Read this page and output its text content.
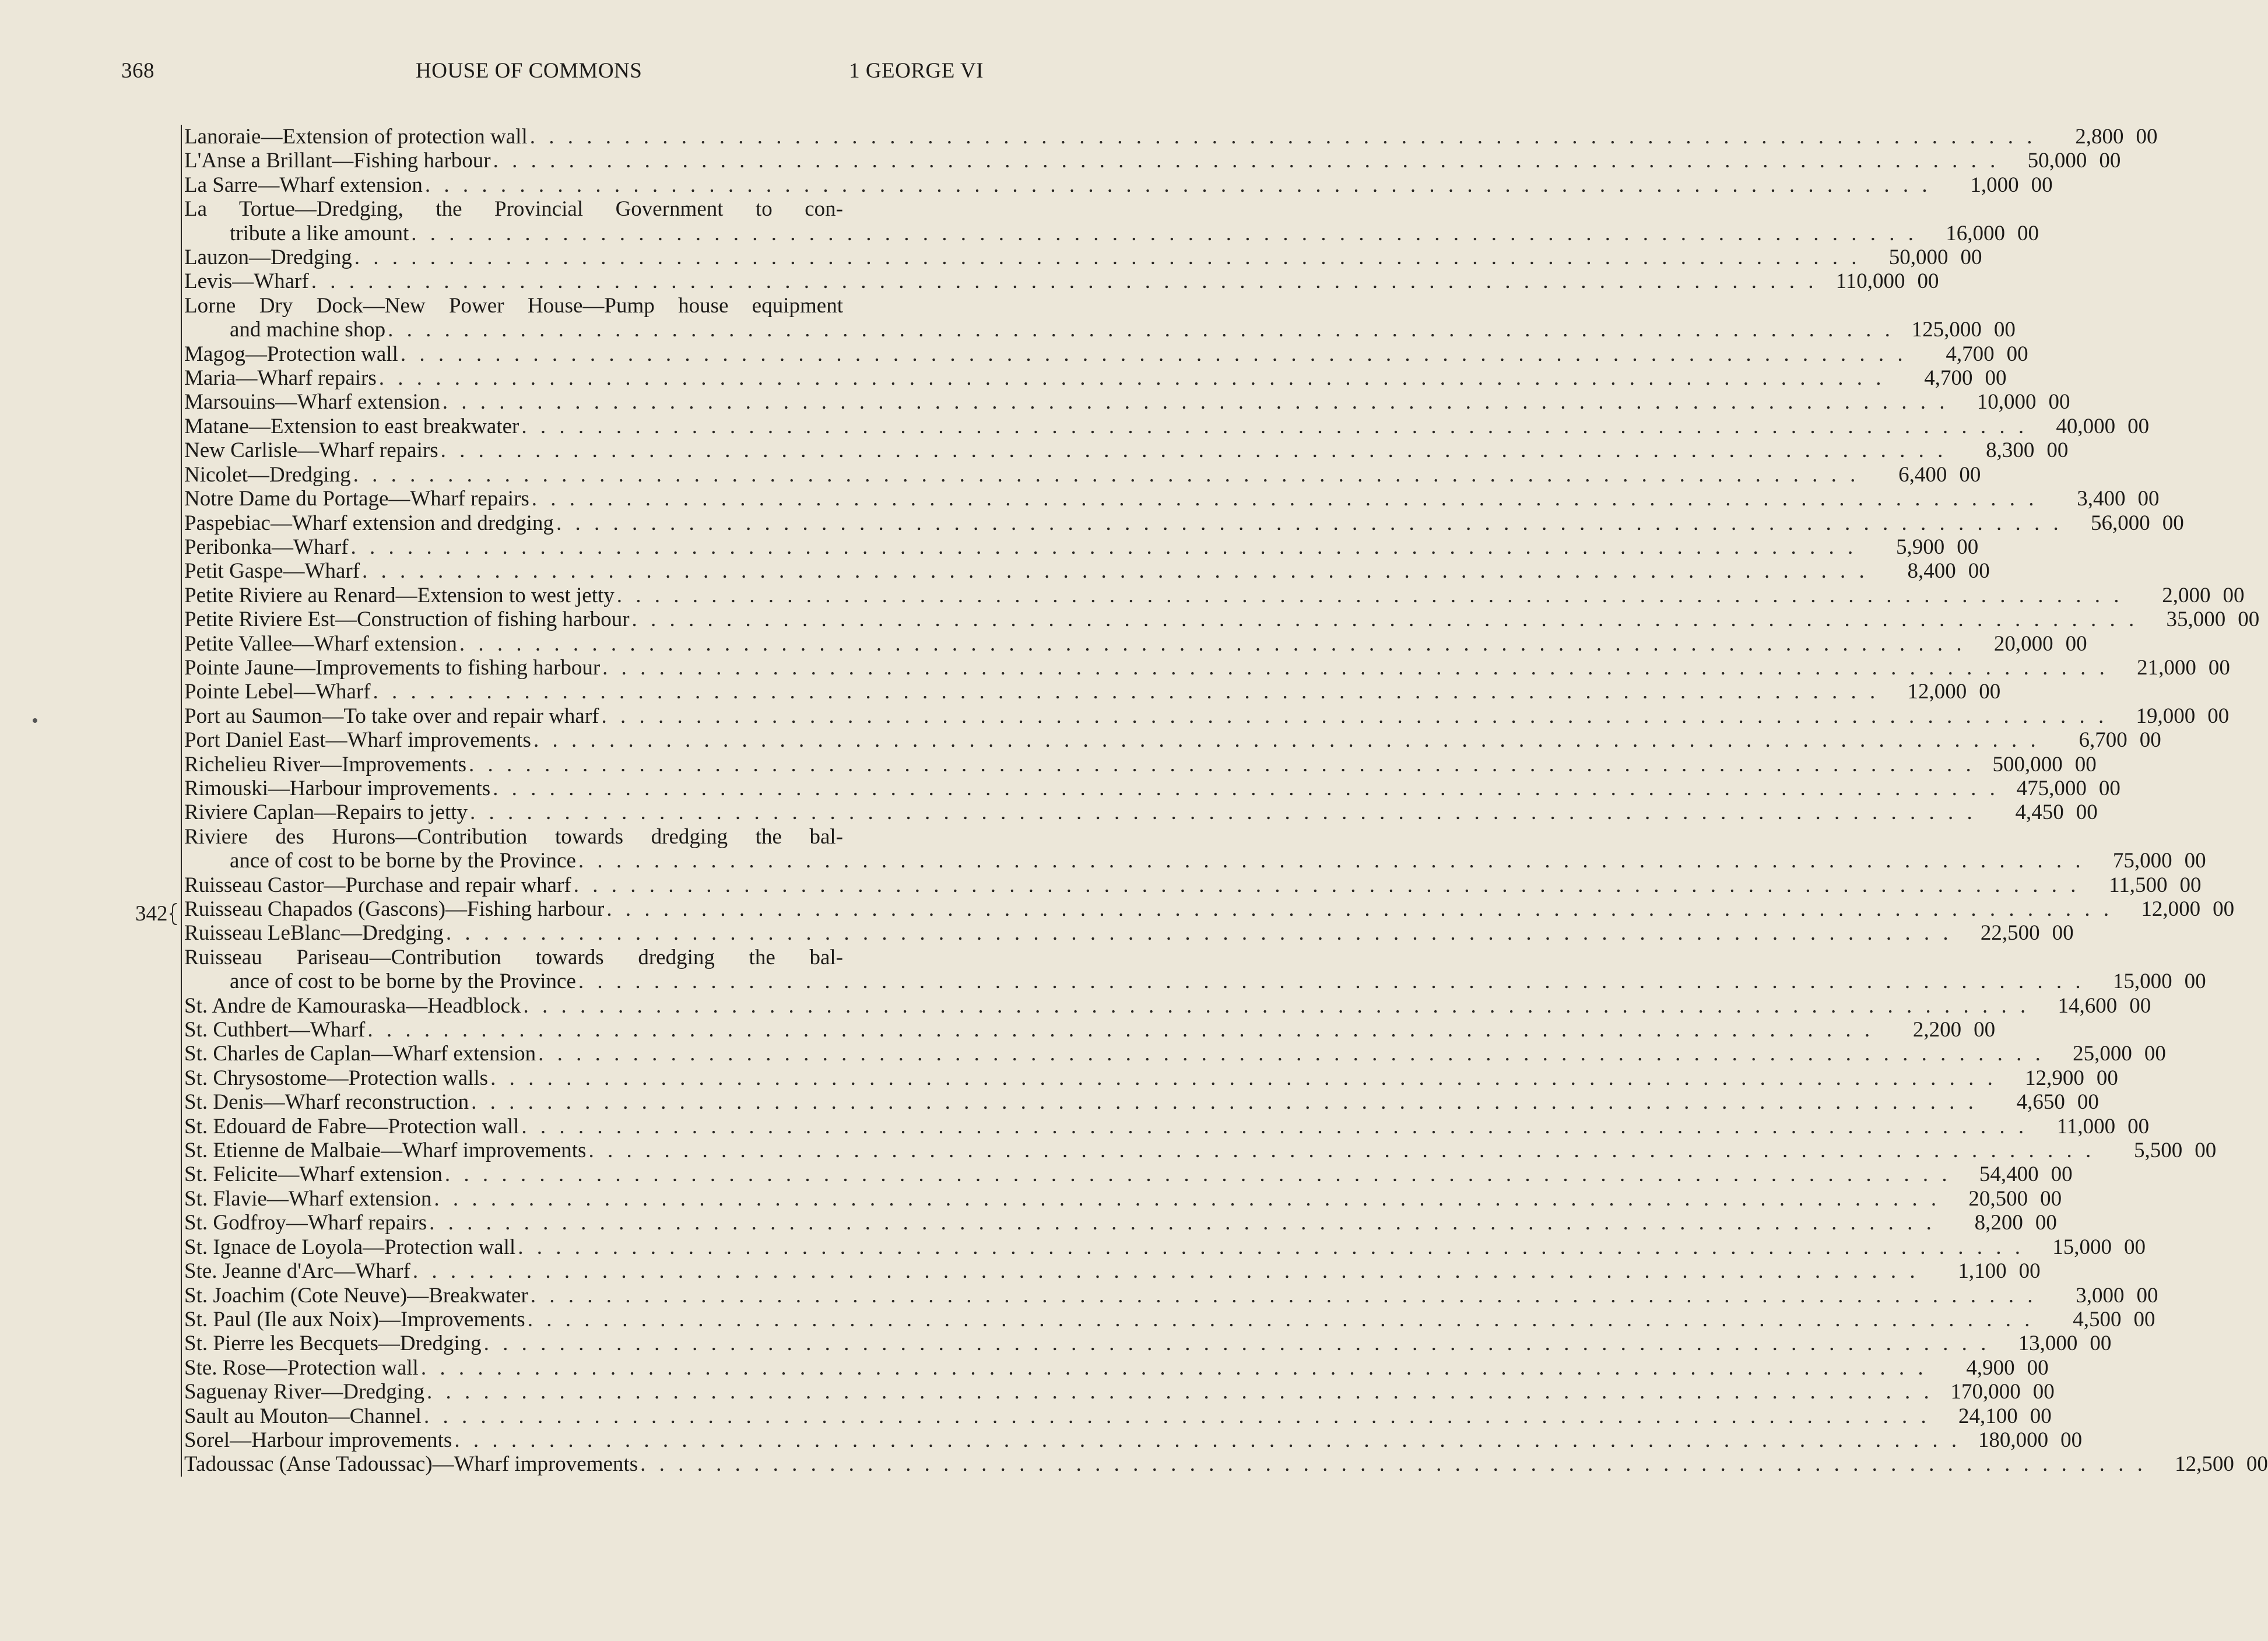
368	HOUSE OF COMMONS	1 GEORGE VI
342
Lanoraie—Extension of protection wall . . . . . . . . . . . . . . . . . . . . . . . . . . . . . . . . . . . . . . . . . . . . . . . . . . . . . . . . . . . . . . . . . . . . . . . . . . . . . . . .	2,800 00
L'Anse a Brillant—Fishing harbour . . . . . . . . . . . . . . . . . . . . . . . . . . . . . . . . . . . . . . . . . . . . . . . . . . . . . . . . . . . . . . . . . . . . . . . . . . . . . . . .	50,000 00
La Sarre—Wharf extension . . . . . . . . . . . . . . . . . . . . . . . . . . . . . . . . . . . . . . . . . . . . . . . . . . . . . . . . . . . . . . . . . . . . . . . . . . . . . . . .	1,000 00
La Tortue—Dredging, the Provincial Government to con-
tribute a like amount . . . . . . . . . . . . . . . . . . . . . . . . . . . . . . . . . . . . . . . . . . . . . . . . . . . . . . . . . . . . . . . . . . . . . . . . . . . . . . . .	16,000 00
Lauzon—Dredging . . . . . . . . . . . . . . . . . . . . . . . . . . . . . . . . . . . . . . . . . . . . . . . . . . . . . . . . . . . . . . . . . . . . . . . . . . . . . . . .	50,000 00
Levis—Wharf . . . . . . . . . . . . . . . . . . . . . . . . . . . . . . . . . . . . . . . . . . . . . . . . . . . . . . . . . . . . . . . . . . . . . . . . . . . . . . . . 110,000 00
Lorne Dry Dock—New Power House—Pump house equipment
and machine shop . . . . . . . . . . . . . . . . . . . . . . . . . . . . . . . . . . . . . . . . . . . . . . . . . . . . . . . . . . . . . . . . . . . . . . . . . . . . . . . . 125,000 00
Magog—Protection wall . . . . . . . . . . . . . . . . . . . . . . . . . . . . . . . . . . . . . . . . . . . . . . . . . . . . . . . . . . . . . . . . . . . . . . . . . . . . . . . .	4,700 00
Maria—Wharf repairs . . . . . . . . . . . . . . . . . . . . . . . . . . . . . . . . . . . . . . . . . . . . . . . . . . . . . . . . . . . . . . . . . . . . . . . . . . . . . . . .	4,700 00
Marsouins—Wharf extension . . . . . . . . . . . . . . . . . . . . . . . . . . . . . . . . . . . . . . . . . . . . . . . . . . . . . . . . . . . . . . . . . . . . . . . . . . . . . . . .	10,000 00
Matane—Extension to east breakwater . . . . . . . . . . . . . . . . . . . . . . . . . . . . . . . . . . . . . . . . . . . . . . . . . . . . . . . . . . . . . . . . . . . . . . . . . . . . . . . .	40,000 00
New Carlisle—Wharf repairs . . . . . . . . . . . . . . . . . . . . . . . . . . . . . . . . . . . . . . . . . . . . . . . . . . . . . . . . . . . . . . . . . . . . . . . . . . . . . . . .	8,300 00
Nicolet—Dredging . . . . . . . . . . . . . . . . . . . . . . . . . . . . . . . . . . . . . . . . . . . . . . . . . . . . . . . . . . . . . . . . . . . . . . . . . . . . . . . .	6,400 00
Notre Dame du Portage—Wharf repairs . . . . . . . . . . . . . . . . . . . . . . . . . . . . . . . . . . . . . . . . . . . . . . . . . . . . . . . . . . . . . . . . . . . . . . . . . . . . . . . .	3,400 00
Paspebiac—Wharf extension and dredging . . . . . . . . . . . . . . . . . . . . . . . . . . . . . . . . . . . . . . . . . . . . . . . . . . . . . . . . . . . . . . . . . . . . . . . . . . . . . . . .	56,000 00
Peribonka—Wharf . . . . . . . . . . . . . . . . . . . . . . . . . . . . . . . . . . . . . . . . . . . . . . . . . . . . . . . . . . . . . . . . . . . . . . . . . . . . . . . .	5,900 00
Petit Gaspe—Wharf . . . . . . . . . . . . . . . . . . . . . . . . . . . . . . . . . . . . . . . . . . . . . . . . . . . . . . . . . . . . . . . . . . . . . . . . . . . . . . . .	8,400 00
Petite Riviere au Renard—Extension to west jetty . . . . . . . . . . . . . . . . . . . . . . . . . . . . . . . . . . . . . . . . . . . . . . . . . . . . . . . . . . . . . . . . . . . . . . . . . . . . . . . .	2,000 00
Petite Riviere Est—Construction of fishing harbour . . . . . . . . . . . . . . . . . . . . . . . . . . . . . . . . . . . . . . . . . . . . . . . . . . . . . . . . . . . . . . . . . . . . . . . . . . . . . . . .	35,000 00
Petite Vallee—Wharf extension . . . . . . . . . . . . . . . . . . . . . . . . . . . . . . . . . . . . . . . . . . . . . . . . . . . . . . . . . . . . . . . . . . . . . . . . . . . . . . . .	20,000 00
Pointe Jaune—Improvements to fishing harbour . . . . . . . . . . . . . . . . . . . . . . . . . . . . . . . . . . . . . . . . . . . . . . . . . . . . . . . . . . . . . . . . . . . . . . . . . . . . . . . .	21,000 00
Pointe Lebel—Wharf . . . . . . . . . . . . . . . . . . . . . . . . . . . . . . . . . . . . . . . . . . . . . . . . . . . . . . . . . . . . . . . . . . . . . . . . . . . . . . . .	12,000 00
Port au Saumon—To take over and repair wharf . . . . . . . . . . . . . . . . . . . . . . . . . . . . . . . . . . . . . . . . . . . . . . . . . . . . . . . . . . . . . . . . . . . . . . . . . . . . . . . .	19,000 00
Port Daniel East—Wharf improvements . . . . . . . . . . . . . . . . . . . . . . . . . . . . . . . . . . . . . . . . . . . . . . . . . . . . . . . . . . . . . . . . . . . . . . . . . . . . . . . .	6,700 00
Richelieu River—Improvements . . . . . . . . . . . . . . . . . . . . . . . . . . . . . . . . . . . . . . . . . . . . . . . . . . . . . . . . . . . . . . . . . . . . . . . . . . . . . . . . 500,000 00
Rimouski—Harbour improvements . . . . . . . . . . . . . . . . . . . . . . . . . . . . . . . . . . . . . . . . . . . . . . . . . . . . . . . . . . . . . . . . . . . . . . . . . . . . . . . . 475,000 00
Riviere Caplan—Repairs to jetty . . . . . . . . . . . . . . . . . . . . . . . . . . . . . . . . . . . . . . . . . . . . . . . . . . . . . . . . . . . . . . . . . . . . . . . . . . . . . . . .	4,450 00
Riviere des Hurons—Contribution towards dredging the bal-
ance of cost to be borne by the Province . . . . . . . . . . . . . . . . . . . . . . . . . . . . . . . . . . . . . . . . . . . . . . . . . . . . . . . . . . . . . . . . . . . . . . . . . . . . . . . .	75,000 00
Ruisseau Castor—Purchase and repair wharf . . . . . . . . . . . . . . . . . . . . . . . . . . . . . . . . . . . . . . . . . . . . . . . . . . . . . . . . . . . . . . . . . . . . . . . . . . . . . . . .	11,500 00
Ruisseau Chapados (Gascons)—Fishing harbour . . . . . . . . . . . . . . . . . . . . . . . . . . . . . . . . . . . . . . . . . . . . . . . . . . . . . . . . . . . . . . . . . . . . . . . . . . . . . . . .	12,000 00
Ruisseau LeBlanc—Dredging . . . . . . . . . . . . . . . . . . . . . . . . . . . . . . . . . . . . . . . . . . . . . . . . . . . . . . . . . . . . . . . . . . . . . . . . . . . . . . . .	22,500 00
Ruisseau Pariseau—Contribution towards dredging the bal-
ance of cost to be borne by the Province . . . . . . . . . . . . . . . . . . . . . . . . . . . . . . . . . . . . . . . . . . . . . . . . . . . . . . . . . . . . . . . . . . . . . . . . . . . . . . . .	15,000 00
St. Andre de Kamouraska—Headblock . . . . . . . . . . . . . . . . . . . . . . . . . . . . . . . . . . . . . . . . . . . . . . . . . . . . . . . . . . . . . . . . . . . . . . . . . . . . . . . .	14,600 00
St. Cuthbert—Wharf . . . . . . . . . . . . . . . . . . . . . . . . . . . . . . . . . . . . . . . . . . . . . . . . . . . . . . . . . . . . . . . . . . . . . . . . . . . . . . . .	2,200 00
St. Charles de Caplan—Wharf extension . . . . . . . . . . . . . . . . . . . . . . . . . . . . . . . . . . . . . . . . . . . . . . . . . . . . . . . . . . . . . . . . . . . . . . . . . . . . . . . .	25,000 00
St. Chrysostome—Protection walls . . . . . . . . . . . . . . . . . . . . . . . . . . . . . . . . . . . . . . . . . . . . . . . . . . . . . . . . . . . . . . . . . . . . . . . . . . . . . . . .	12,900 00
St. Denis—Wharf reconstruction . . . . . . . . . . . . . . . . . . . . . . . . . . . . . . . . . . . . . . . . . . . . . . . . . . . . . . . . . . . . . . . . . . . . . . . . . . . . . . . .	4,650 00
St. Edouard de Fabre—Protection wall . . . . . . . . . . . . . . . . . . . . . . . . . . . . . . . . . . . . . . . . . . . . . . . . . . . . . . . . . . . . . . . . . . . . . . . . . . . . . . . .	11,000 00
St. Etienne de Malbaie—Wharf improvements . . . . . . . . . . . . . . . . . . . . . . . . . . . . . . . . . . . . . . . . . . . . . . . . . . . . . . . . . . . . . . . . . . . . . . . . . . . . . . . .	5,500 00
St. Felicite—Wharf extension . . . . . . . . . . . . . . . . . . . . . . . . . . . . . . . . . . . . . . . . . . . . . . . . . . . . . . . . . . . . . . . . . . . . . . . . . . . . . . . .	54,400 00
St. Flavie—Wharf extension . . . . . . . . . . . . . . . . . . . . . . . . . . . . . . . . . . . . . . . . . . . . . . . . . . . . . . . . . . . . . . . . . . . . . . . . . . . . . . . .	20,500 00
St. Godfroy—Wharf repairs . . . . . . . . . . . . . . . . . . . . . . . . . . . . . . . . . . . . . . . . . . . . . . . . . . . . . . . . . . . . . . . . . . . . . . . . . . . . . . . .	8,200 00
St. Ignace de Loyola—Protection wall . . . . . . . . . . . . . . . . . . . . . . . . . . . . . . . . . . . . . . . . . . . . . . . . . . . . . . . . . . . . . . . . . . . . . . . . . . . . . . . .	15,000 00
Ste. Jeanne d'Arc—Wharf . . . . . . . . . . . . . . . . . . . . . . . . . . . . . . . . . . . . . . . . . . . . . . . . . . . . . . . . . . . . . . . . . . . . . . . . . . . . . . . .	1,100 00
St. Joachim (Cote Neuve)—Breakwater . . . . . . . . . . . . . . . . . . . . . . . . . . . . . . . . . . . . . . . . . . . . . . . . . . . . . . . . . . . . . . . . . . . . . . . . . . . . . . . .	3,000 00
St. Paul (Ile aux Noix)—Improvements . . . . . . . . . . . . . . . . . . . . . . . . . . . . . . . . . . . . . . . . . . . . . . . . . . . . . . . . . . . . . . . . . . . . . . . . . . . . . . . .	4,500 00
St. Pierre les Becquets—Dredging . . . . . . . . . . . . . . . . . . . . . . . . . . . . . . . . . . . . . . . . . . . . . . . . . . . . . . . . . . . . . . . . . . . . . . . . . . . . . . . .	13,000 00
Ste. Rose—Protection wall . . . . . . . . . . . . . . . . . . . . . . . . . . . . . . . . . . . . . . . . . . . . . . . . . . . . . . . . . . . . . . . . . . . . . . . . . . . . . . . .	4,900 00
Saguenay River—Dredging . . . . . . . . . . . . . . . . . . . . . . . . . . . . . . . . . . . . . . . . . . . . . . . . . . . . . . . . . . . . . . . . . . . . . . . . . . . . . . . . 170,000 00
Sault au Mouton—Channel . . . . . . . . . . . . . . . . . . . . . . . . . . . . . . . . . . . . . . . . . . . . . . . . . . . . . . . . . . . . . . . . . . . . . . . . . . . . . . . .	24,100 00
Sorel—Harbour improvements . . . . . . . . . . . . . . . . . . . . . . . . . . . . . . . . . . . . . . . . . . . . . . . . . . . . . . . . . . . . . . . . . . . . . . . . . . . . . . . . 180,000 00
Tadoussac (Anse Tadoussac)—Wharf improvements . . . . . . . . . . . . . . . . . . . . . . . . . . . . . . . . . . . . . . . . . . . . . . . . . . . . . . . . . . . . . . . . . . . . . . . . . . . . . . . .	12,500 00
